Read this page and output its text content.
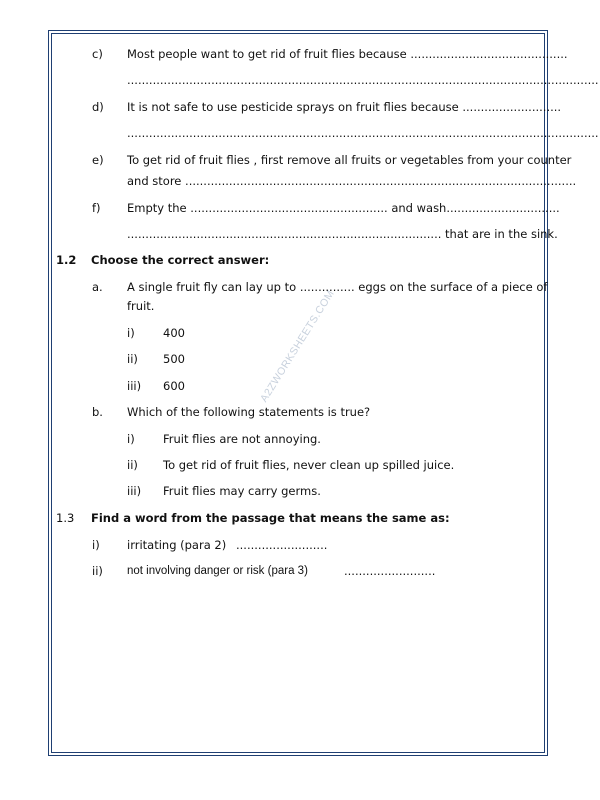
A2ZWORKSHEETS.COM
c) Most people want to get rid of fruit flies because ...........................................
.................................................................................................................................
d) It is not safe to use pesticide sprays on fruit flies because ...........................
.................................................................................................................................
e) To get rid of fruit flies , first remove all fruits or vegetables from your counter
and store ...........................................................................................................
f) Empty the ...................................................... and wash...............................
...................................................................................... that are in the sink.
1.2 Choose the correct answer:
a. A single fruit fly can lay up to ............... eggs on the surface of a piece of
fruit.
i) 400
ii) 500
iii) 600
b. Which of the following statements is true?
i) Fruit flies are not annoying.
ii) To get rid of fruit flies, never clean up spilled juice.
iii) Fruit flies may carry germs.
1.3 Find a word from the passage that means the same as:
i) irritating (para 2) .........................
ii) not involving danger or risk (para 3)	.........................
